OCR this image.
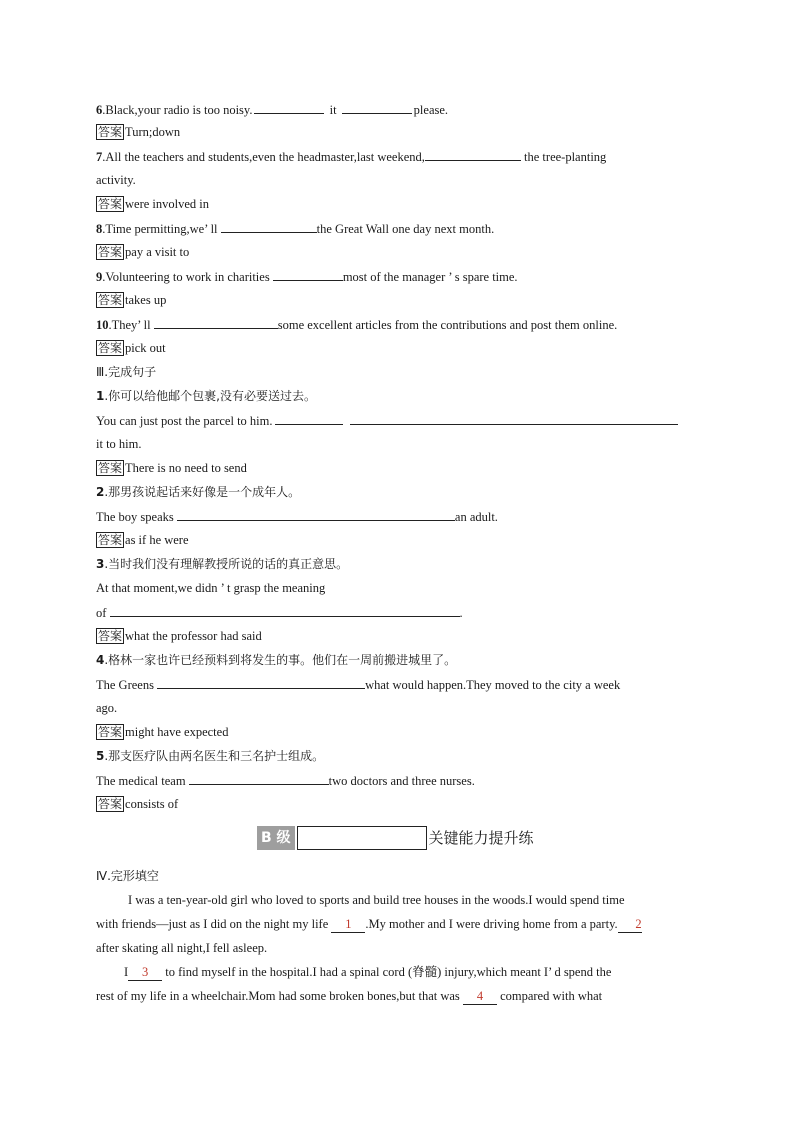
6.Black,your radio is too noisy.	it	please.
答案 Turn;down
7.All the teachers and students,even the headmaster,last weekend,	the tree-planting
activity.
答案 were involved in
8.Time permitting,we’ ll	the Great Wall one day next month.
答案 pay a visit to
9.Volunteering to work in charities	most of the manager ’ s spare time.
答案 takes up
10.They’ ll	some excellent articles from the contributions and post them online.
答案 pick out
Ⅲ.完成句子
1.你可以给他邮个包裹,没有必要送过去。
You can just post the parcel to him.
it to him.
答案 There is no need to send
2.那男孩说起话来好像是一个成年人。
The boy speaks	an adult.
答案 as if he were
3.当时我们没有理解教授所说的话的真正意思。
At that moment,we didn ’ t grasp the meaning
of	.
答案 what the professor had said
4.格林一家也许已经预料到将发生的事。他们在一周前搬进城里了。
The Greens	what would happen.They moved to the city a week
ago.
答案 might have expected
5.那支医疗队由两名医生和三名护士组成。
The medical team	two doctors and three nurses.
答案 consists of
B 级	关键能力提升练
Ⅳ.完形填空
I was a ten-year-old girl who loved to sports and build tree houses in the woods.I would spend time
with friends—just as I did on the night my life 1 .My mother and I were driving home from a party. 2
after skating all night,I fell asleep.
I 3 to find myself in the hospital.I had a spinal cord (脊髓) injury,which meant I’ d spend the
rest of my life in a wheelchair.Mom had some broken bones,but that was 4 compared with what
